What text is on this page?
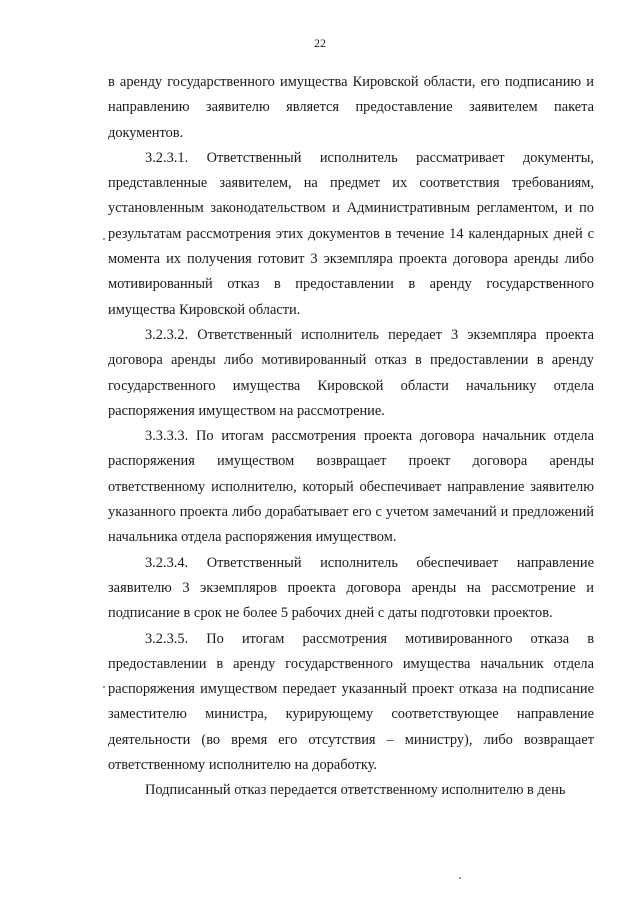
22

в аренду государственного имущества Кировской области, его подписанию и направлению заявителю является предоставление заявителем пакета документов.

3.2.3.1. Ответственный исполнитель рассматривает документы, представленные заявителем, на предмет их соответствия требованиям, установленным законодательством и Административным регламентом, и по результатам рассмотрения этих документов в течение 14 календарных дней с момента их получения готовит 3 экземпляра проекта договора аренды либо мотивированный отказ в предоставлении в аренду государственного имущества Кировской области.

3.2.3.2. Ответственный исполнитель передает 3 экземпляра проекта договора аренды либо мотивированный отказ в предоставлении в аренду государственного имущества Кировской области начальнику отдела распоряжения имуществом на рассмотрение.

3.3.3.3. По итогам рассмотрения проекта договора начальник отдела распоряжения имуществом возвращает проект договора аренды ответственному исполнителю, который обеспечивает направление заявителю указанного проекта либо дорабатывает его с учетом замечаний и предложений начальника отдела распоряжения имуществом.

3.2.3.4. Ответственный исполнитель обеспечивает направление заявителю 3 экземпляров проекта договора аренды на рассмотрение и подписание в срок не более 5 рабочих дней с даты подготовки проектов.

3.2.3.5. По итогам рассмотрения мотивированного отказа в предоставлении в аренду государственного имущества начальник отдела распоряжения имуществом передает указанный проект отказа на подписание заместителю министра, курирующему соответствующее направление деятельности (во время его отсутствия – министру), либо возвращает ответственному исполнителю на доработку.

Подписанный отказ передается ответственному исполнителю в день
